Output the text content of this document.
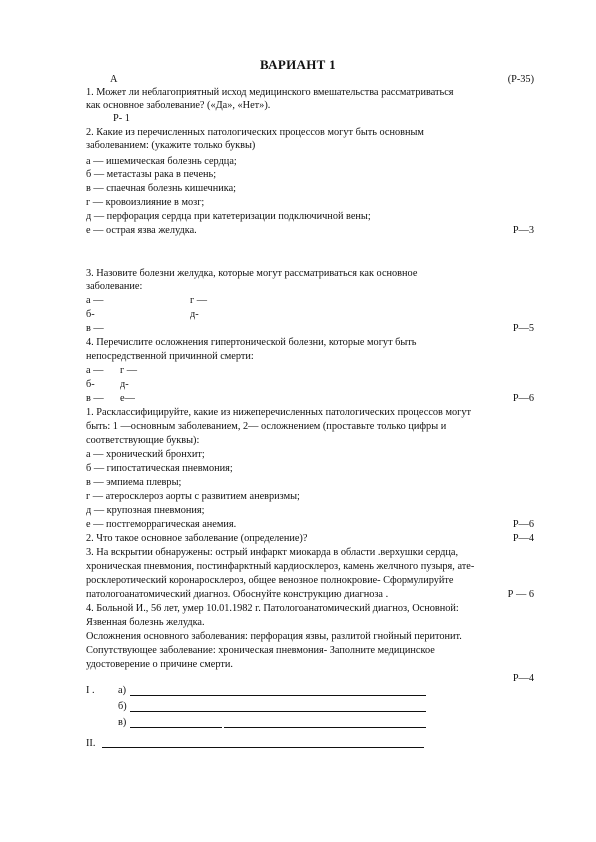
ВАРИАНТ 1
А	(Р-35)
1. Может ли неблагоприятный исход медицинского вмешательства рассматриваться
как основное заболевание? («Да», «Нет»).
Р- 1
2. Какие из перечисленных патологических процессов могут быть основным
заболеванием: (укажите только буквы)
а — ишемическая болезнь сердца;
б — метастазы рака в печень;
в — спаечная болезнь кишечника;
г — кровоизлияние в мозг;
д — перфорация сердца при катетеризации подключичной вены;
е — острая язва желудка.	Р—3
3. Назовите болезни желудка, которые могут рассматриваться как основное
заболевание:
а —	г —
б-	д-
в —	Р—5
4. Перечислите осложнения гипертонической болезни, которые могут быть
непосредственной причинной смерти:
а — г —
б- д-
в — е—	Р—6
1. Расклассифицируйте, какие из нижеперечисленных патологических процессов могут
быть: 1 —основным заболеванием, 2— осложнением (проставьте только цифры и
соответствующие буквы):
а — хронический бронхит;
б — гипостатическая пневмония;
в — эмпиема плевры;
г — атеросклероз аорты с развитием аневризмы;
д — крупозная пневмония;
е — постгеморрагическая анемия.	Р—6
2. Что такое основное заболевание (определение)?	Р—4
3. На вскрытии обнаружены: острый инфаркт миокарда в области .верхушки сердца,
хроническая пневмония, постинфарктный кардиосклероз, камень желчного пузыря, ате-
росклеротический коронаросклероз, общее венозное полнокровие- Сформулируйте
патологоанатомический диагноз. Обоснуйте конструкцию диагноза .	Р — 6
4. Больной И., 56 лет, умер 10.01.1982 г. Патологоанатомический диагноз, Основной:
Язвенная болезнь желудка.
Осложнения основного заболевания: перфорация язвы, разлитой гнойный перитонит.
Сопутствующее заболевание: хроническая пневмония- Заполните медицинское
удостоверение о причине смерти.
Р—4
I . а)
б)
в)
II.
